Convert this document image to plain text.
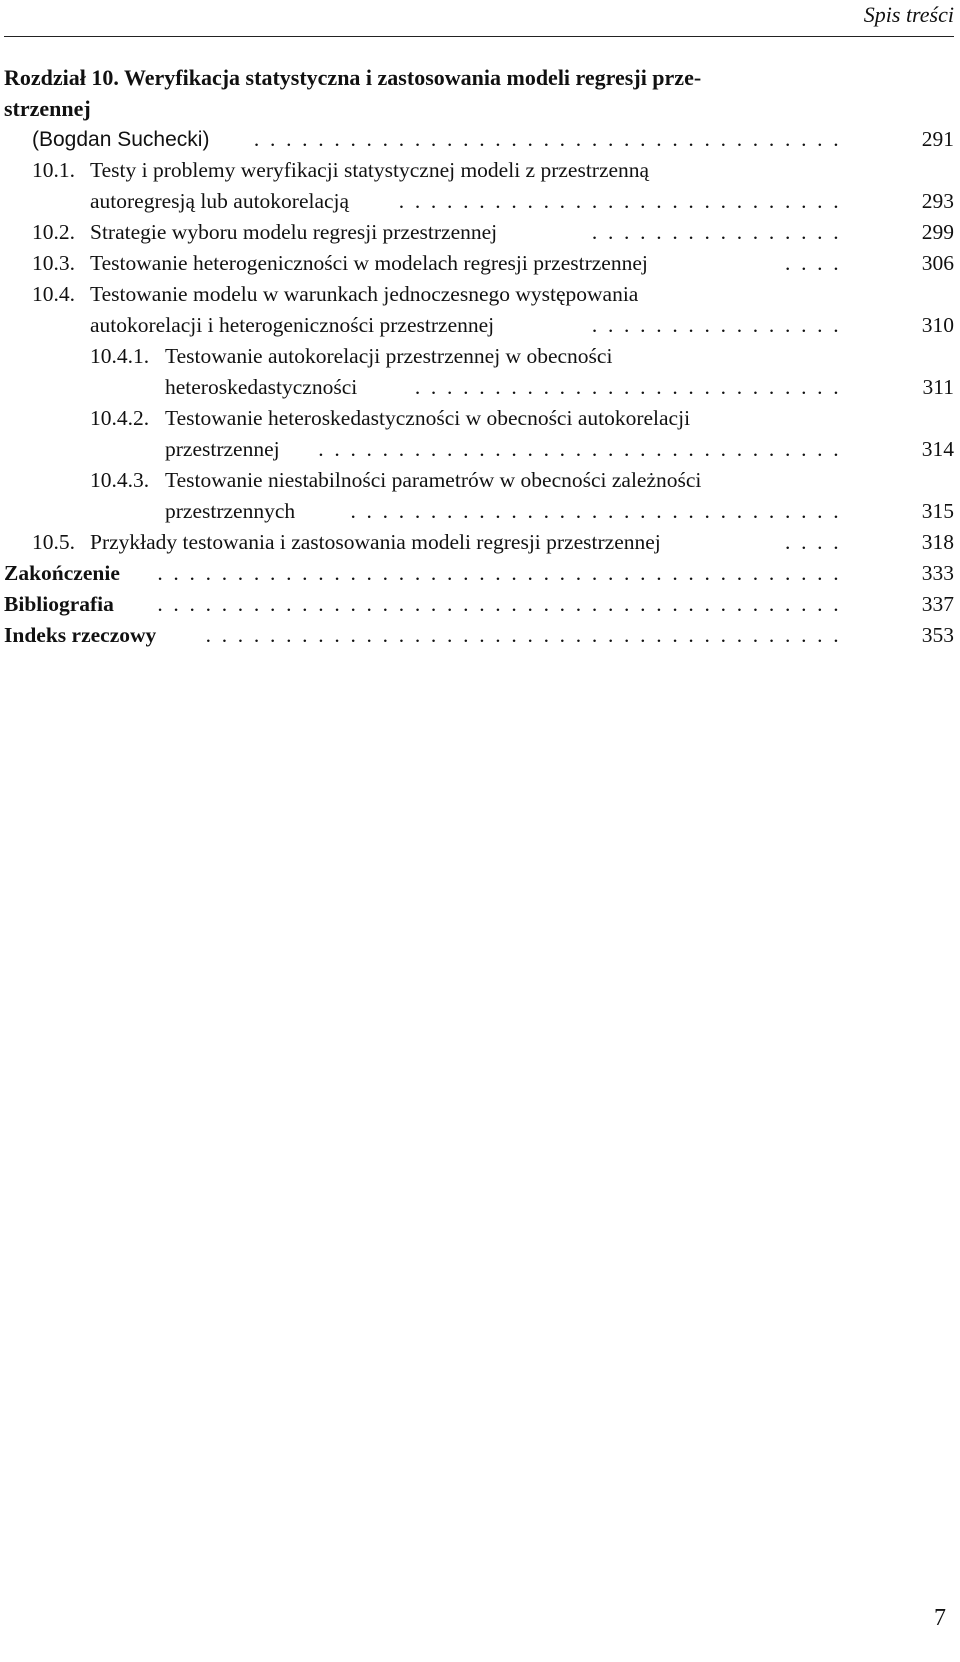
Spis treści
Rozdział 10. Weryfikacja statystyczna i zastosowania modeli regresji prze-
strzennej
(Bogdan Suchecki)	.....................................	291
10.1. Testy i problemy weryfikacji statystycznej modeli z przestrzenną
autoregresją lub autokorelacją	............................	293
10.2. Strategie wyboru modelu regresji przestrzennej	................	299
10.3. Testowanie heterogeniczności w modelach regresji przestrzennej	....	306
10.4. Testowanie modelu w warunkach jednoczesnego występowania
autokorelacji i heterogeniczności przestrzennej	................	310
10.4.1. Testowanie autokorelacji przestrzennej w obecności
heteroskedastyczności	...........................	311
10.4.2. Testowanie heteroskedastyczności w obecności autokorelacji
przestrzennej	.................................	314
10.4.3. Testowanie niestabilności parametrów w obecności zależności
przestrzennych	...............................	315
10.5. Przykłady testowania i zastosowania modeli regresji przestrzennej	....	318
Zakończenie	...........................................	333
Bibliografia	...........................................	337
Indeks rzeczowy	........................................	353
7
